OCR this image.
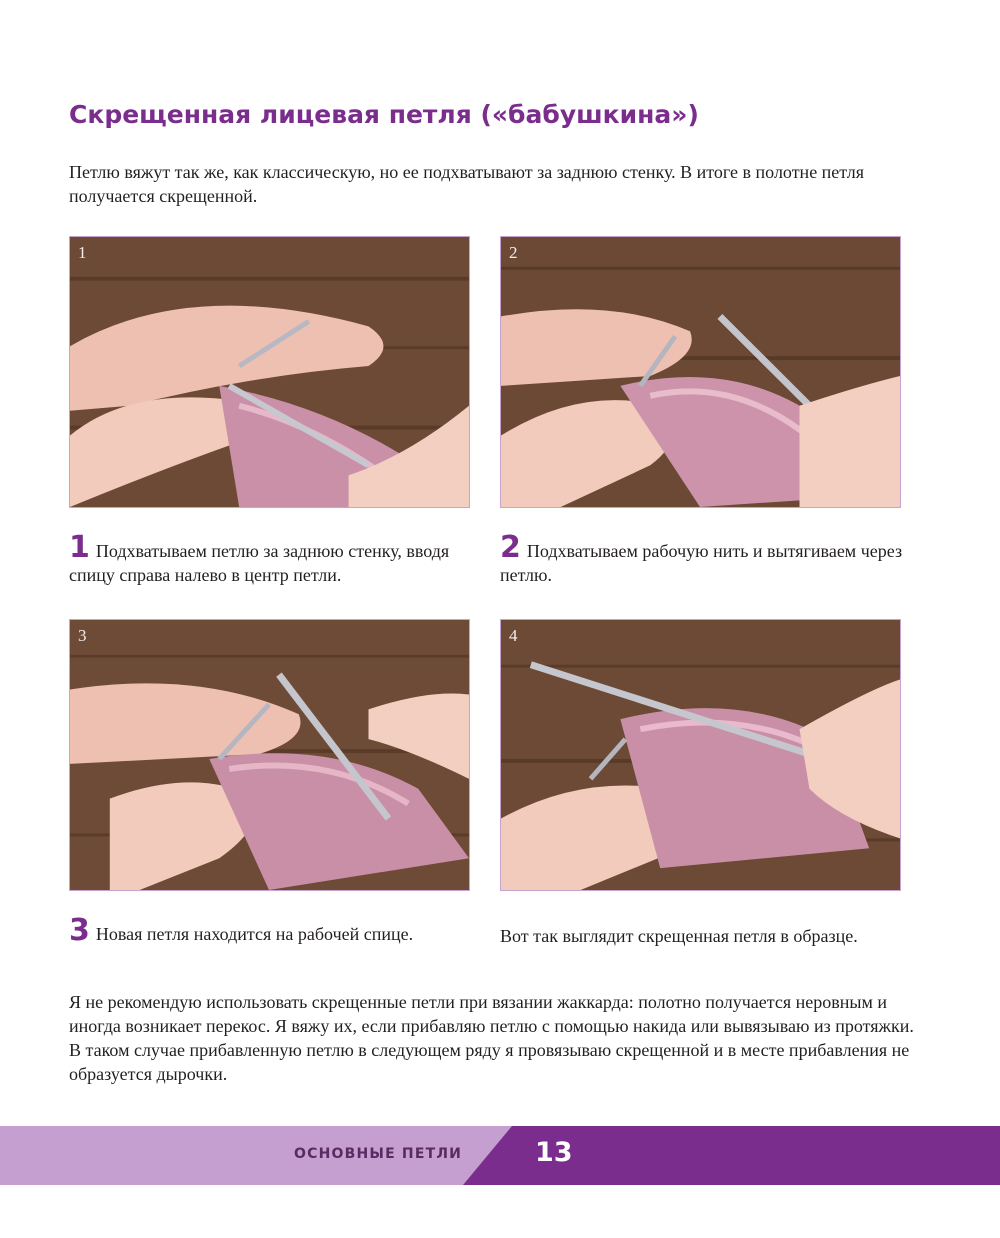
Скрещенная лицевая петля («бабушкина»)

Петлю вяжут так же, как классическую, но ее подхватывают за заднюю стенку. В итоге в полотне петля получается скрещенной.

1	2

1 Подхватываем петлю за заднюю стенку, вводя спицу справа налево в центр петли.

2 Подхватываем рабочую нить и вытягиваем через петлю.

3	4

3 Новая петля находится на рабочей спице.	Вот так выглядит скрещенная петля в образце.

Я не рекомендую использовать скрещенные петли при вязании жаккарда: полотно получается неровным и иногда возникает перекос. Я вяжу их, если прибавляю петлю с помощью накида или вывязываю из протяжки. В таком случае прибавленную петлю в следующем ряду я провязываю скрещенной и в месте прибавления не образуется дырочки.

ОСНОВНЫЕ ПЕТЛИ	13
